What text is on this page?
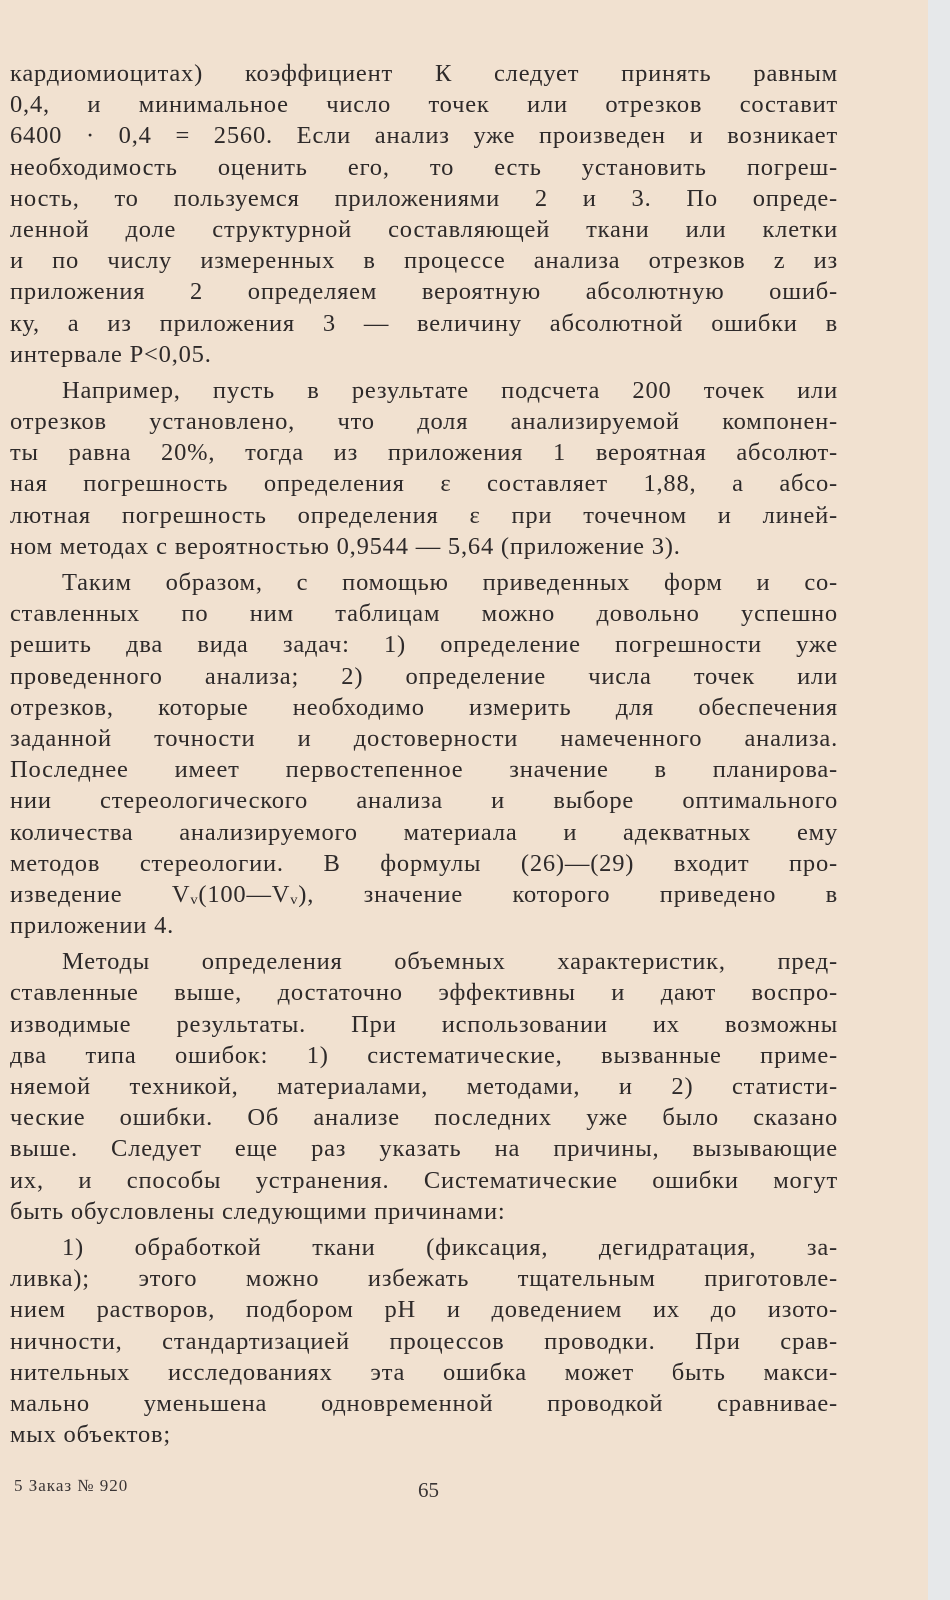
кардиомиоцитах) коэффициент К следует принять равным
0,4, и минимальное число точек или отрезков составит
6400 · 0,4 = 2560. Если анализ уже произведен и возникает
необходимость оценить его, то есть установить погреш-
ность, то пользуемся приложениями 2 и 3. По опреде-
ленной доле структурной составляющей ткани или клетки
и по числу измеренных в процессе анализа отрезков z из
приложения 2 определяем вероятную абсолютную ошиб-
ку, а из приложения 3 — величину абсолютной ошибки в
интервале P<0,05.
Например, пусть в результате подсчета 200 точек или
отрезков установлено, что доля анализируемой компонен-
ты равна 20%, тогда из приложения 1 вероятная абсолют-
ная погрешность определения ε составляет 1,88, а абсо-
лютная погрешность определения ε при точечном и линей-
ном методах с вероятностью 0,9544 — 5,64 (приложение 3).
Таким образом, с помощью приведенных форм и со-
ставленных по ним таблицам можно довольно успешно
решить два вида задач: 1) определение погрешности уже
проведенного анализа; 2) определение числа точек или
отрезков, которые необходимо измерить для обеспечения
заданной точности и достоверности намеченного анализа.
Последнее имеет первостепенное значение в планирова-
нии стереологического анализа и выборе оптимального
количества анализируемого материала и адекватных ему
методов стереологии. В формулы (26)—(29) входит про-
изведение Vᵥ(100—Vᵥ), значение которого приведено в
приложении 4.
Методы определения объемных характеристик, пред-
ставленные выше, достаточно эффективны и дают воспро-
изводимые результаты. При использовании их возможны
два типа ошибок: 1) систематические, вызванные приме-
няемой техникой, материалами, методами, и 2) статисти-
ческие ошибки. Об анализе последних уже было сказано
выше. Следует еще раз указать на причины, вызывающие
их, и способы устранения. Систематические ошибки могут
быть обусловлены следующими причинами:
1) обработкой ткани (фиксация, дегидратация, за-
ливка); этого можно избежать тщательным приготовле-
нием растворов, подбором pH и доведением их до изото-
ничности, стандартизацией процессов проводки. При срав-
нительных исследованиях эта ошибка может быть макси-
мально уменьшена одновременной проводкой сравнивае-
мых объектов;
5 Заказ № 920	65
